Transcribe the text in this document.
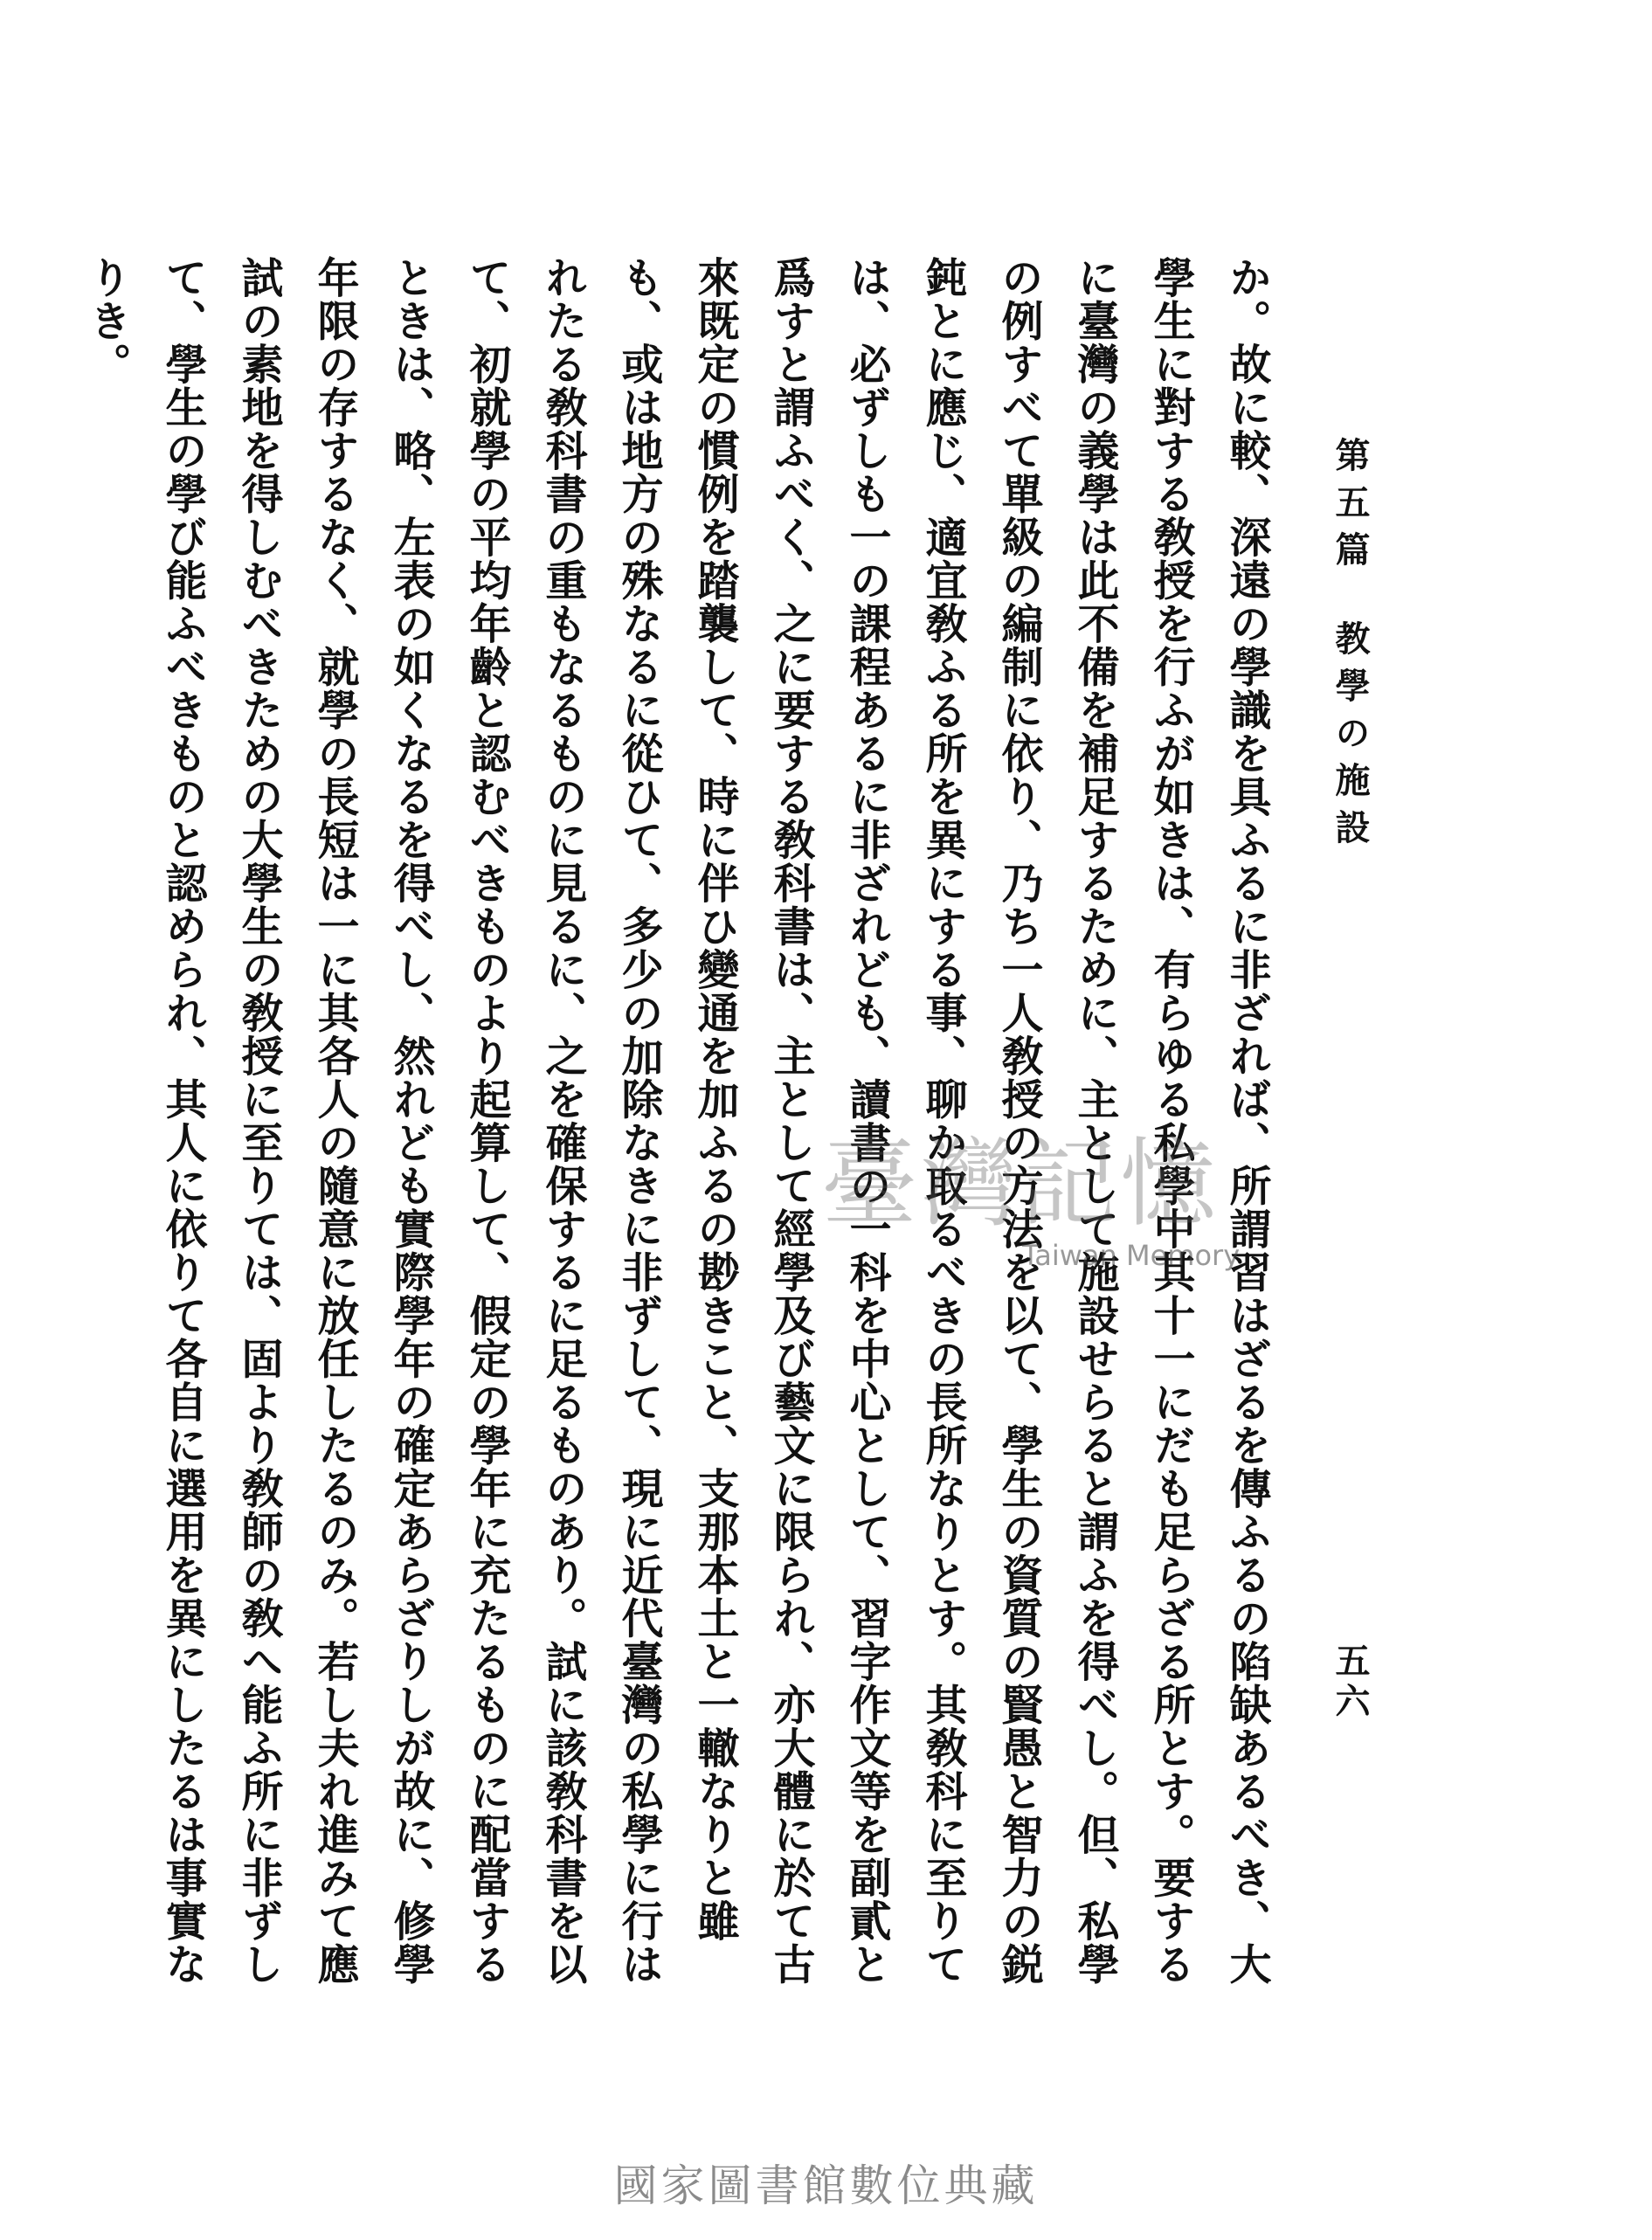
第五篇教學の施設
五六

か。故に較、深遠の學識を具ふるに非ざれば、所謂習はざるを傳ふるの陷缺あるべき、大學生に對する敎授を行ふが如きは、有らゆる私學中其十一にだも足らざる所とす。要するに臺灣の義學は此不備を補足するために、主として施設せらると謂ふを得べし。但、私學の例すべて單級の編制に依り、乃ち一人敎授の方法を以て、學生の資質の賢愚と智力の鋭鈍とに應じ、適宜敎ふる所を異にする事、聊か取るべきの長所なりとす。其敎科に至りては、必ずしも一の課程あるに非ざれども、讀書の一科を中心として、習字作文等を副貳と爲すと謂ふべく、之に要する敎科書は、主として經學及び藝文に限られ、亦大體に於て古來既定の慣例を踏襲して、時に伴ひ變通を加ふるの尠きこと、支那本土と一轍なりと雖も、或は地方の殊なるに從ひて、多少の加除なきに非ずして、現に近代臺灣の私學に行はれたる敎科書の重もなるものに見るに、之を確保するに足るものあり。試に該敎科書を以て、初就學の平均年齡と認むべきものより起算して、假定の學年に充たるものに配當するときは、略、左表の如くなるを得べし、然れども實際學年の確定あらざりしが故に、修學年限の存するなく、就學の長短は一に其各人の隨意に放任したるのみ。若し夫れ進みて應試の素地を得しむべきための大學生の敎授に至りては、固より敎師の敎へ能ふ所に非ずして、學生の學び能ふべきものと認められ、其人に依りて各自に選用を異にしたるは事實なりき。

臺灣記憶
Taiwan Memory
國家圖書館數位典藏
